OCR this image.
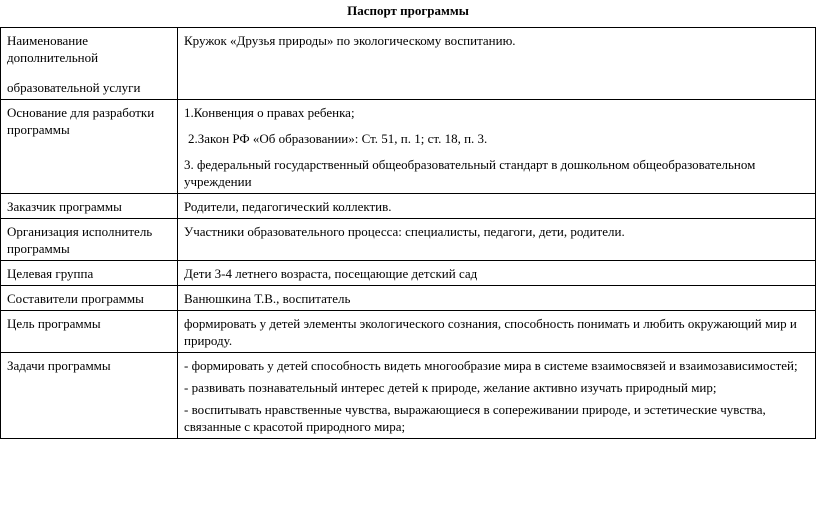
Паспорт программы
Наименование
дополнительной
образовательной услуги	Кружок «Друзья природы» по экологическому воспитанию.

Основание для разработки программы	1.Конвенция о правах ребенка;
2.Закон РФ «Об образовании»: Ст. 51, п. 1; ст. 18, п. 3.
3. федеральный государственный общеобразовательный стандарт в дошкольном общеобразовательном учреждении

Заказчик программы	Родители, педагогический коллектив.

Организация исполнитель программы	Участники образовательного процесса: специалисты, педагоги, дети, родители.

Целевая группа	Дети 3-4 летнего возраста, посещающие детский сад

Составители программы	Ванюшкина Т.В., воспитатель

Цель программы	формировать у детей элементы экологического сознания, способность понимать и любить окружающий мир и природу.

Задачи программы	- формировать у детей способность видеть многообразие мира в системе взаимосвязей и взаимозависимостей;
- развивать познавательный интерес детей к природе, желание активно изучать природный мир;
- воспитывать нравственные чувства, выражающиеся в сопереживании природе, и эстетические чувства, связанные с красотой природного мира;
